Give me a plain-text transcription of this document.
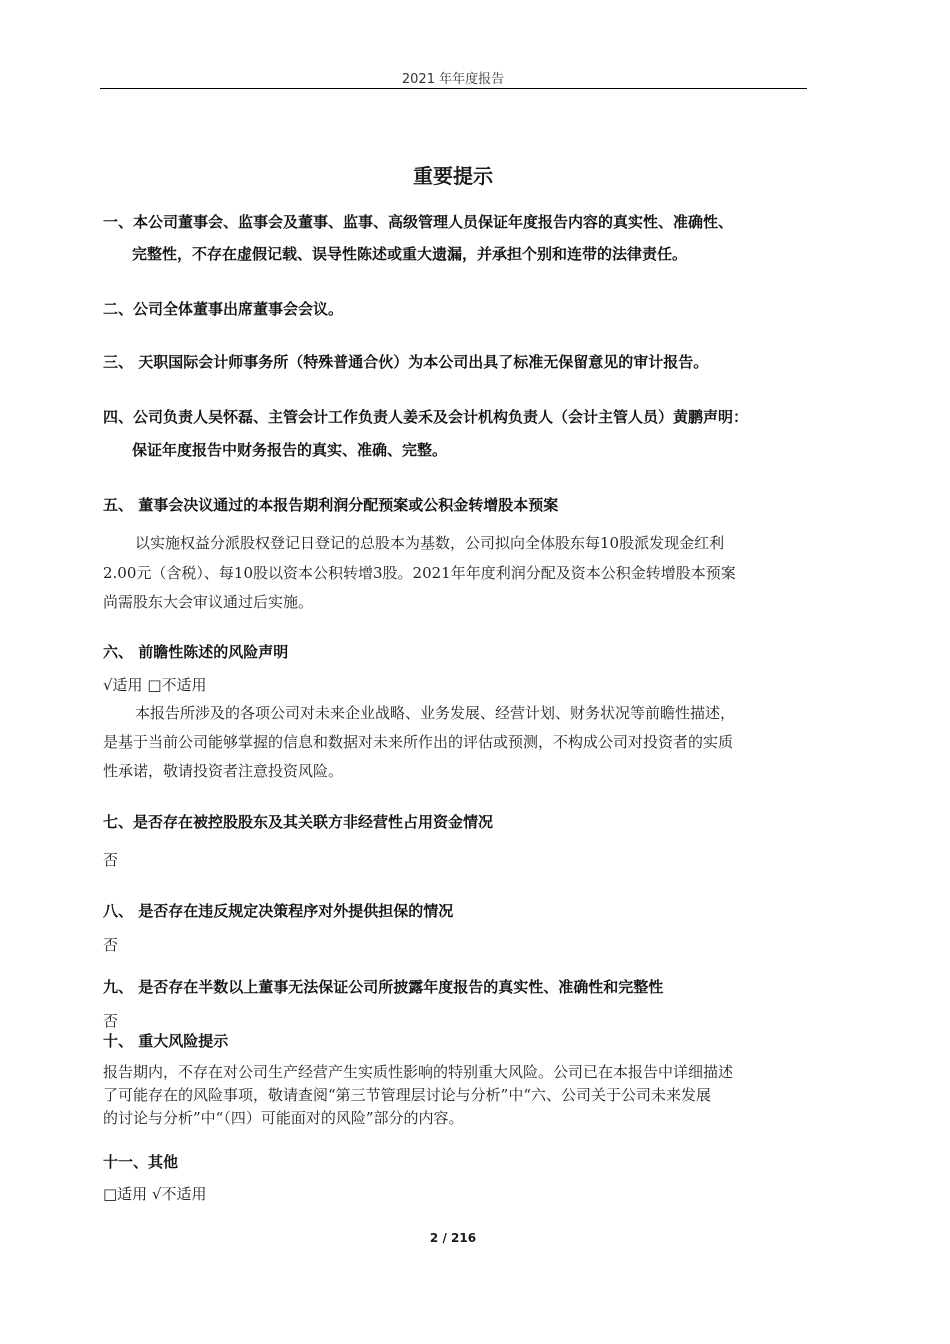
2021 年年度报告
重要提示
一、本公司董事会、监事会及董事、监事、高级管理人员保证年度报告内容的真实性、准确性、
完整性，不存在虚假记载、误导性陈述或重大遗漏，并承担个别和连带的法律责任。
二、公司全体董事出席董事会会议。
三、 天职国际会计师事务所（特殊普通合伙）为本公司出具了标准无保留意见的审计报告。
四、公司负责人吴怀磊、主管会计工作负责人姜禾及会计机构负责人（会计主管人员）黄鹏声明：
保证年度报告中财务报告的真实、准确、完整。
五、 董事会决议通过的本报告期利润分配预案或公积金转增股本预案
以实施权益分派股权登记日登记的总股本为基数，公司拟向全体股东每10股派发现金红利
2.00元（含税）、每10股以资本公积转增3股。2021年年度利润分配及资本公积金转增股本预案
尚需股东大会审议通过后实施。
六、 前瞻性陈述的风险声明
√适用 □不适用
本报告所涉及的各项公司对未来企业战略、业务发展、经营计划、财务状况等前瞻性描述，
是基于当前公司能够掌握的信息和数据对未来所作出的评估或预测，不构成公司对投资者的实质
性承诺，敬请投资者注意投资风险。
七、是否存在被控股股东及其关联方非经营性占用资金情况
否
八、 是否存在违反规定决策程序对外提供担保的情况
否
九、 是否存在半数以上董事无法保证公司所披露年度报告的真实性、准确性和完整性
否
十、 重大风险提示
报告期内，不存在对公司生产经营产生实质性影响的特别重大风险。公司已在本报告中详细描述
了可能存在的风险事项，敬请查阅“第三节管理层讨论与分析”中“六、公司关于公司未来发展
的讨论与分析”中“（四）可能面对的风险”部分的内容。
十一、其他
□适用 √不适用
2 / 216
